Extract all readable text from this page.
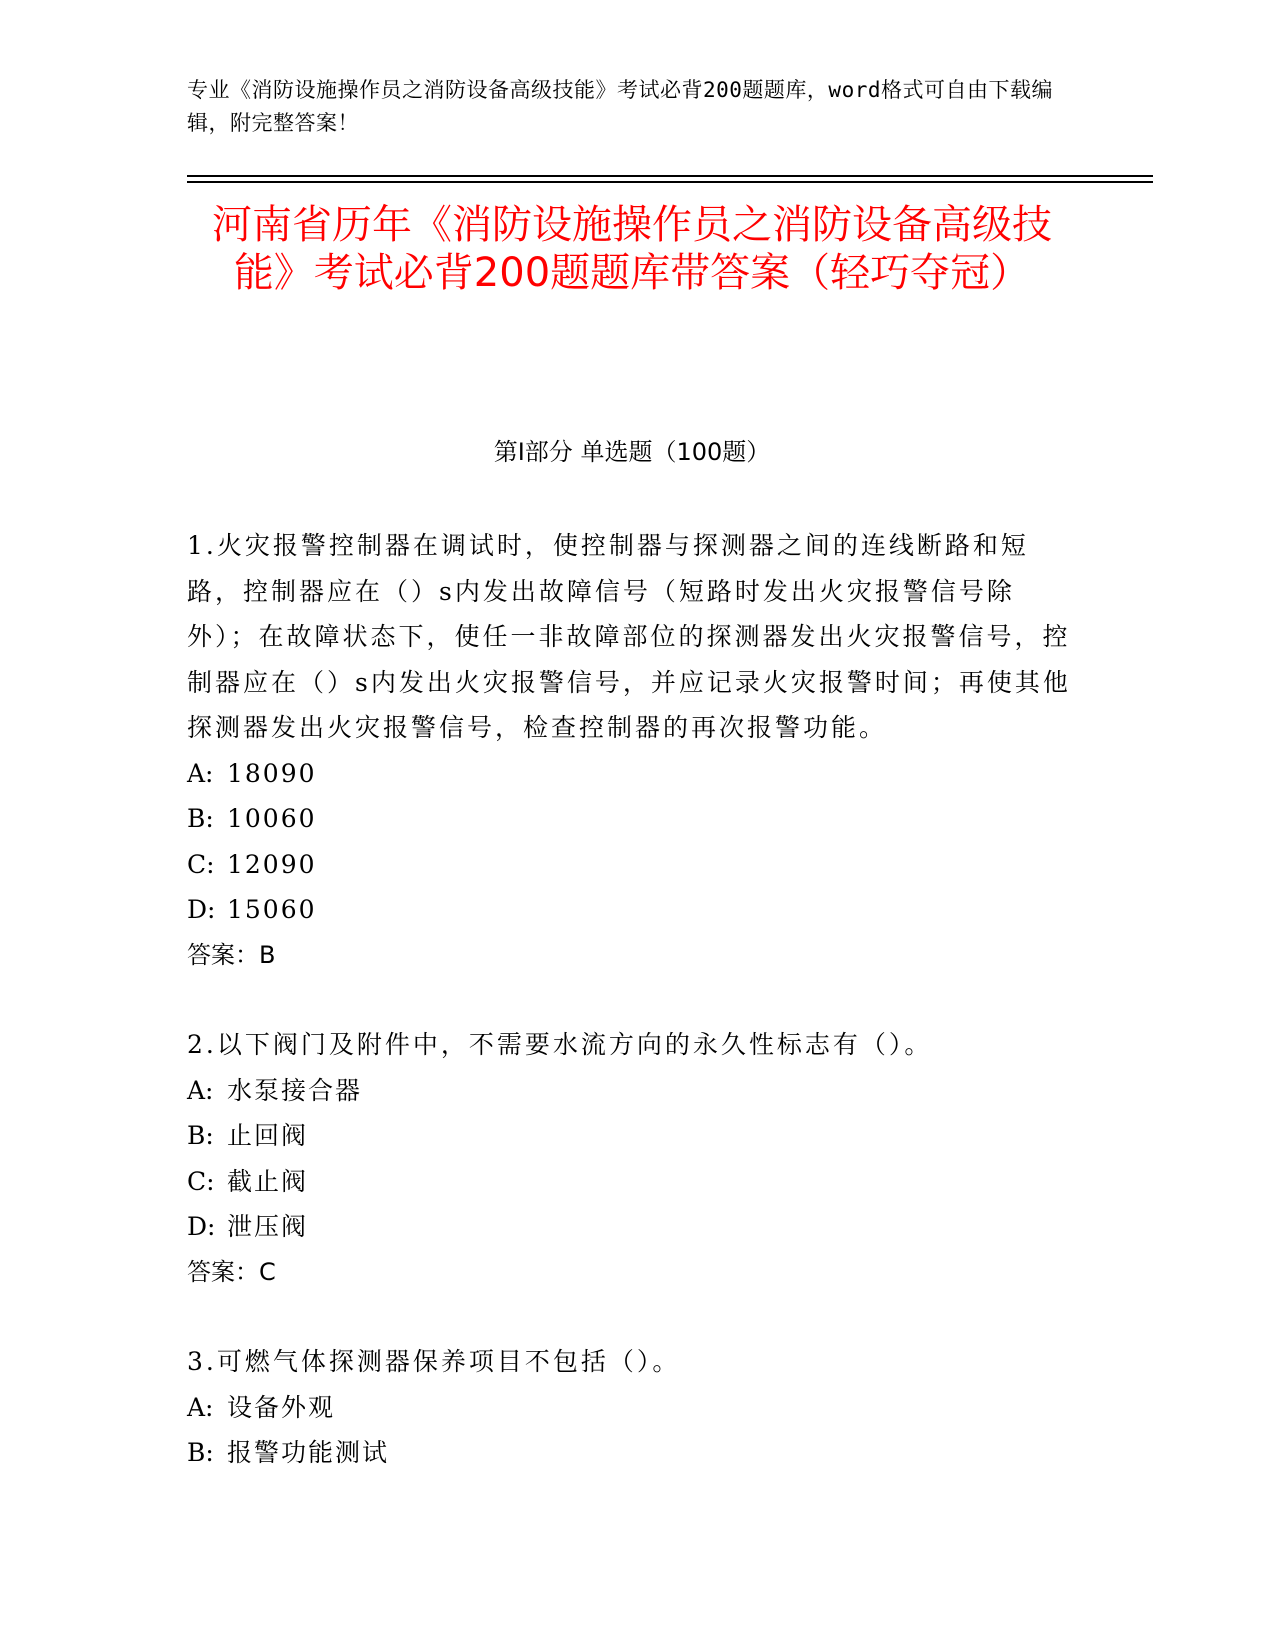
专业《消防设施操作员之消防设备高级技能》考试必背200题题库，word格式可自由下载编辑，附完整答案！
河南省历年《消防设施操作员之消防设备高级技能》考试必背200题题库带答案（轻巧夺冠）
第I部分 单选题（100题）

1.火灾报警控制器在调试时，使控制器与探测器之间的连线断路和短路，控制器应在（）s内发出故障信号（短路时发出火灾报警信号除外）；在故障状态下，使任一非故障部位的探测器发出火灾报警信号，控制器应在（）s内发出火灾报警信号，并应记录火灾报警时间；再使其他探测器发出火灾报警信号，检查控制器的再次报警功能。

A: 18090

B: 10060

C: 12090

D: 15060

答案：B

2.以下阀门及附件中，不需要水流方向的永久性标志有（）。

A: 水泵接合器

B: 止回阀

C: 截止阀

D: 泄压阀

答案：C

3.可燃气体探测器保养项目不包括（）。

A: 设备外观

B: 报警功能测试
